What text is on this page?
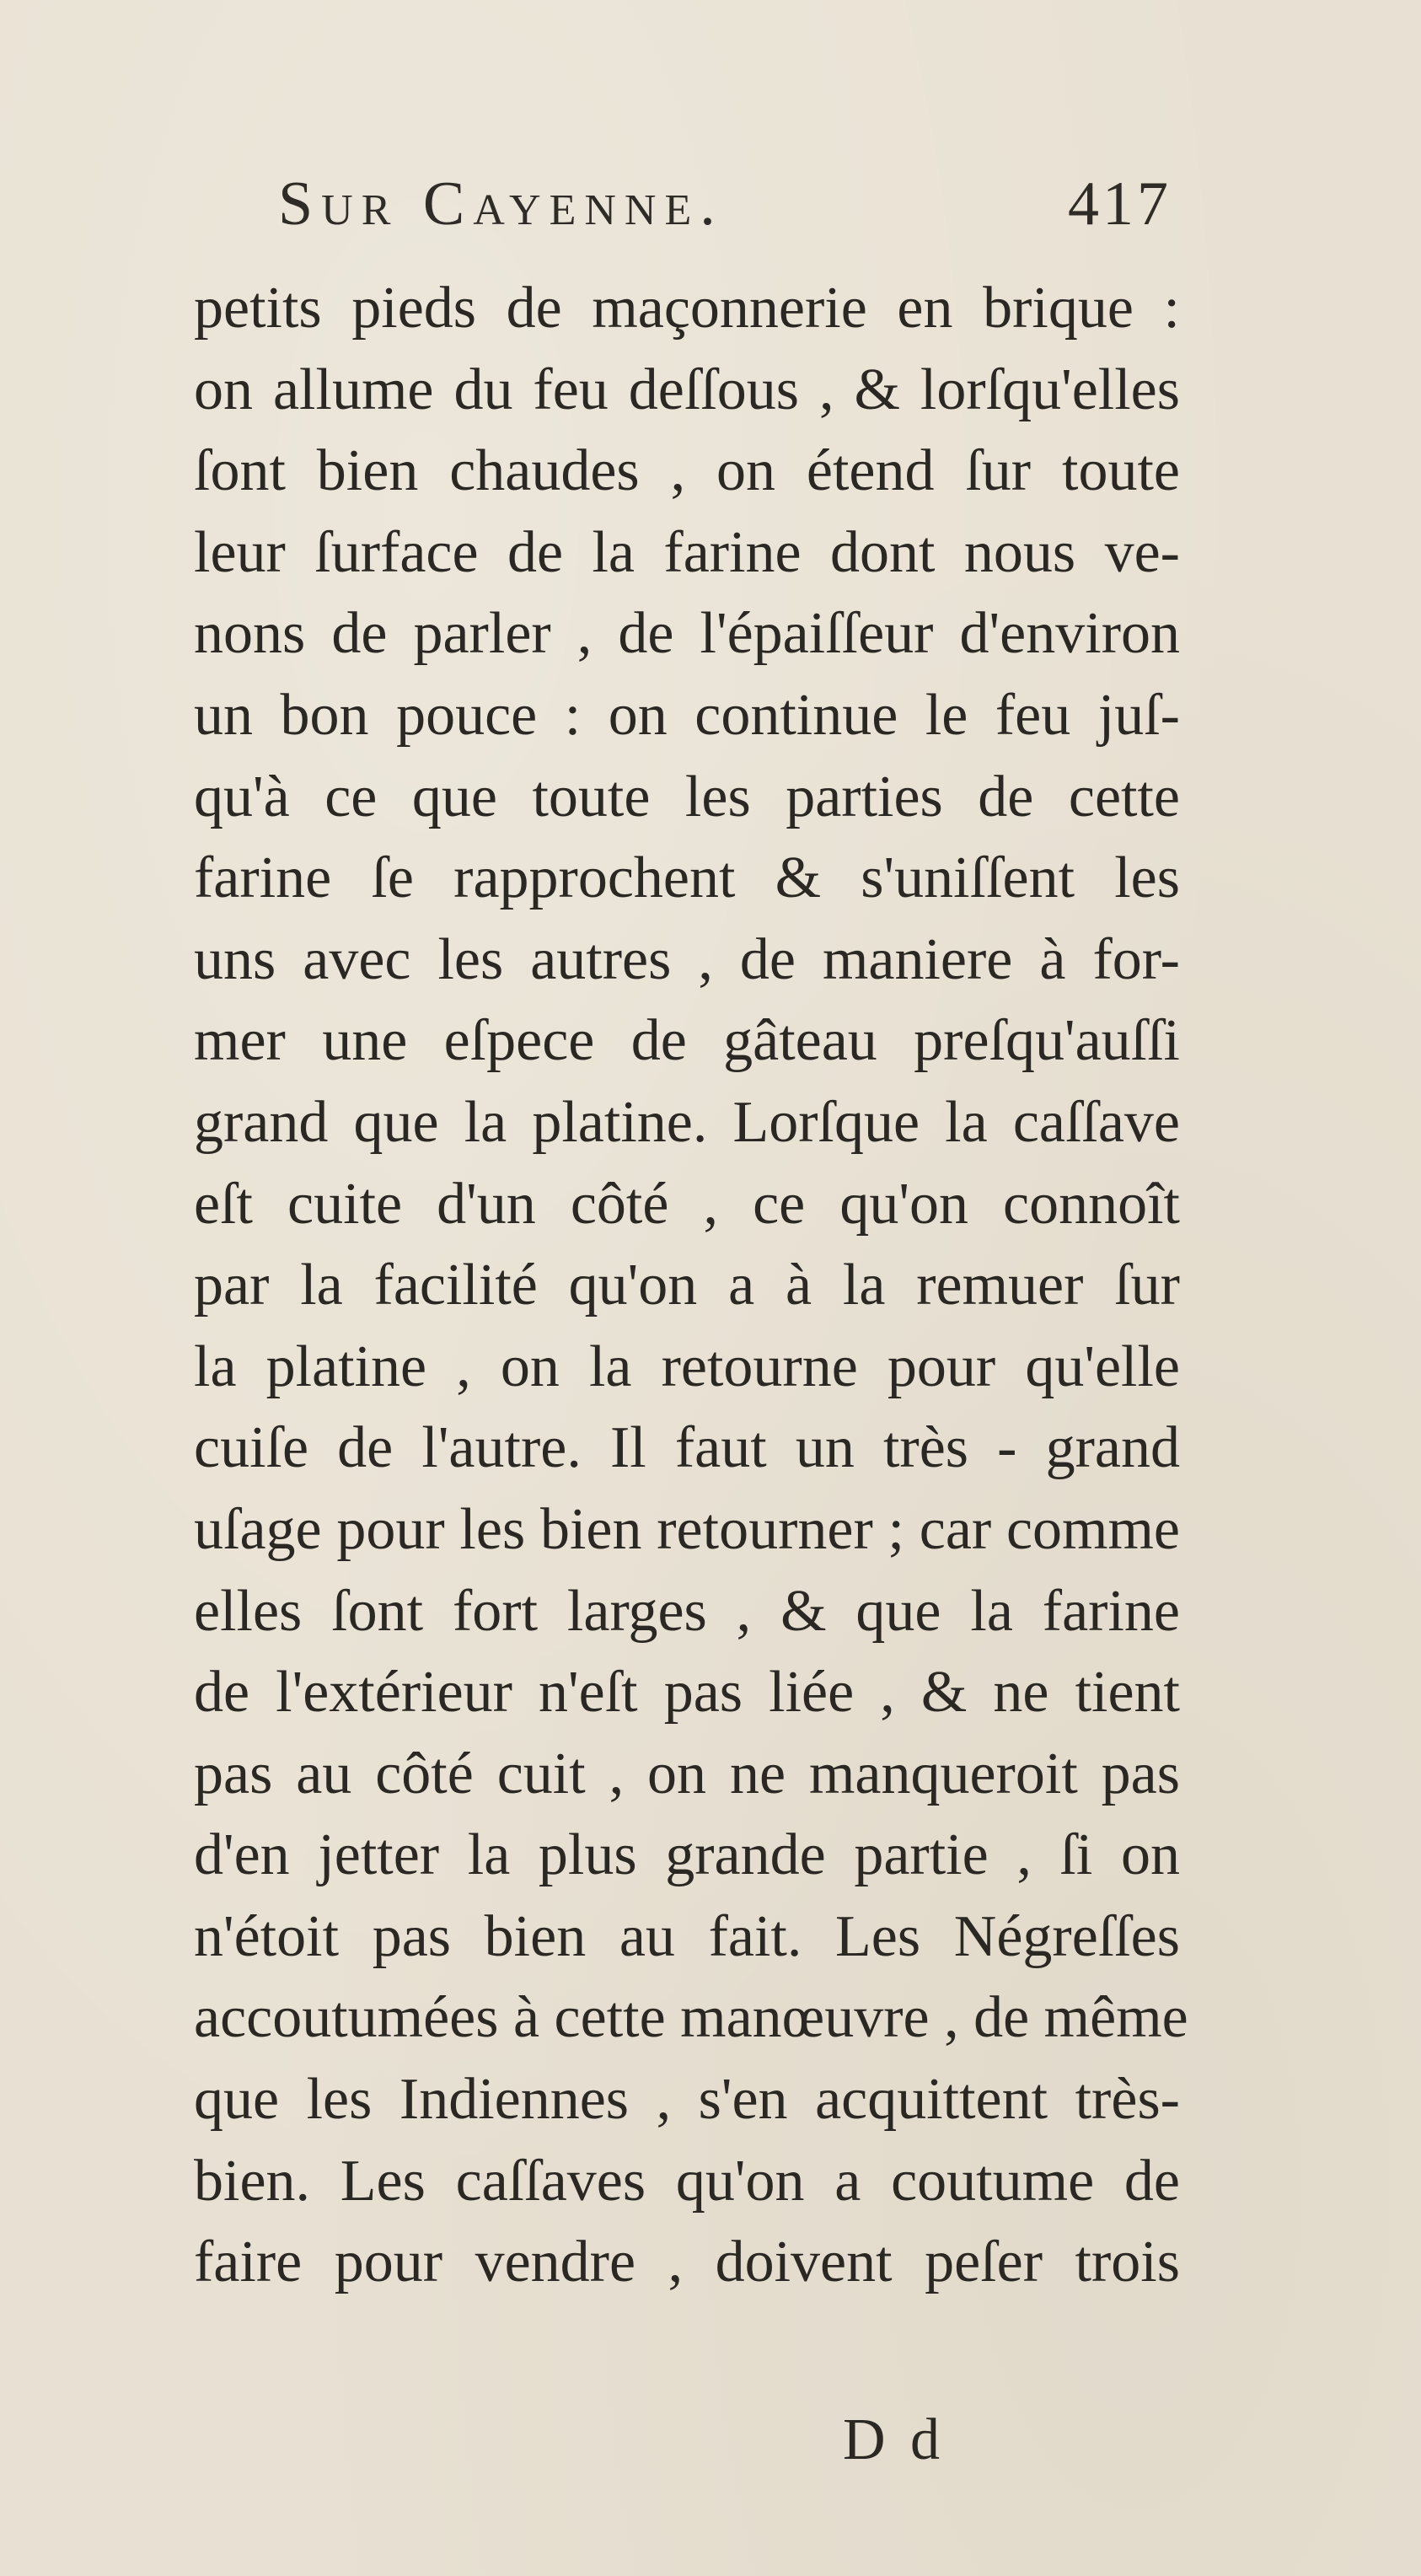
Sur Cayenne.	417
petits pieds de maçonnerie en brique :
on allume du feu deſſous , & lorſqu'elles
ſont bien chaudes , on étend ſur toute
leur ſurface de la farine dont nous ve-
nons de parler , de l'épaiſſeur d'environ
un bon pouce : on continue le feu juſ-
qu'à ce que toute les parties de cette
farine ſe rapprochent & s'uniſſent les
uns avec les autres , de maniere à for-
mer une eſpece de gâteau preſqu'auſſi
grand que la platine. Lorſque la caſſave
eſt cuite d'un côté , ce qu'on connoît
par la facilité qu'on a à la remuer ſur
la platine , on la retourne pour qu'elle
cuiſe de l'autre. Il faut un très - grand
uſage pour les bien retourner ; car comme
elles ſont fort larges , & que la farine
de l'extérieur n'eſt pas liée , & ne tient
pas au côté cuit , on ne manqueroit pas
d'en jetter la plus grande partie , ſi on
n'étoit pas bien au fait. Les Négreſſes
accoutumées à cette manœuvre , de même
que les Indiennes , s'en acquittent très-
bien. Les caſſaves qu'on a coutume de
faire pour vendre , doivent peſer trois
D d
